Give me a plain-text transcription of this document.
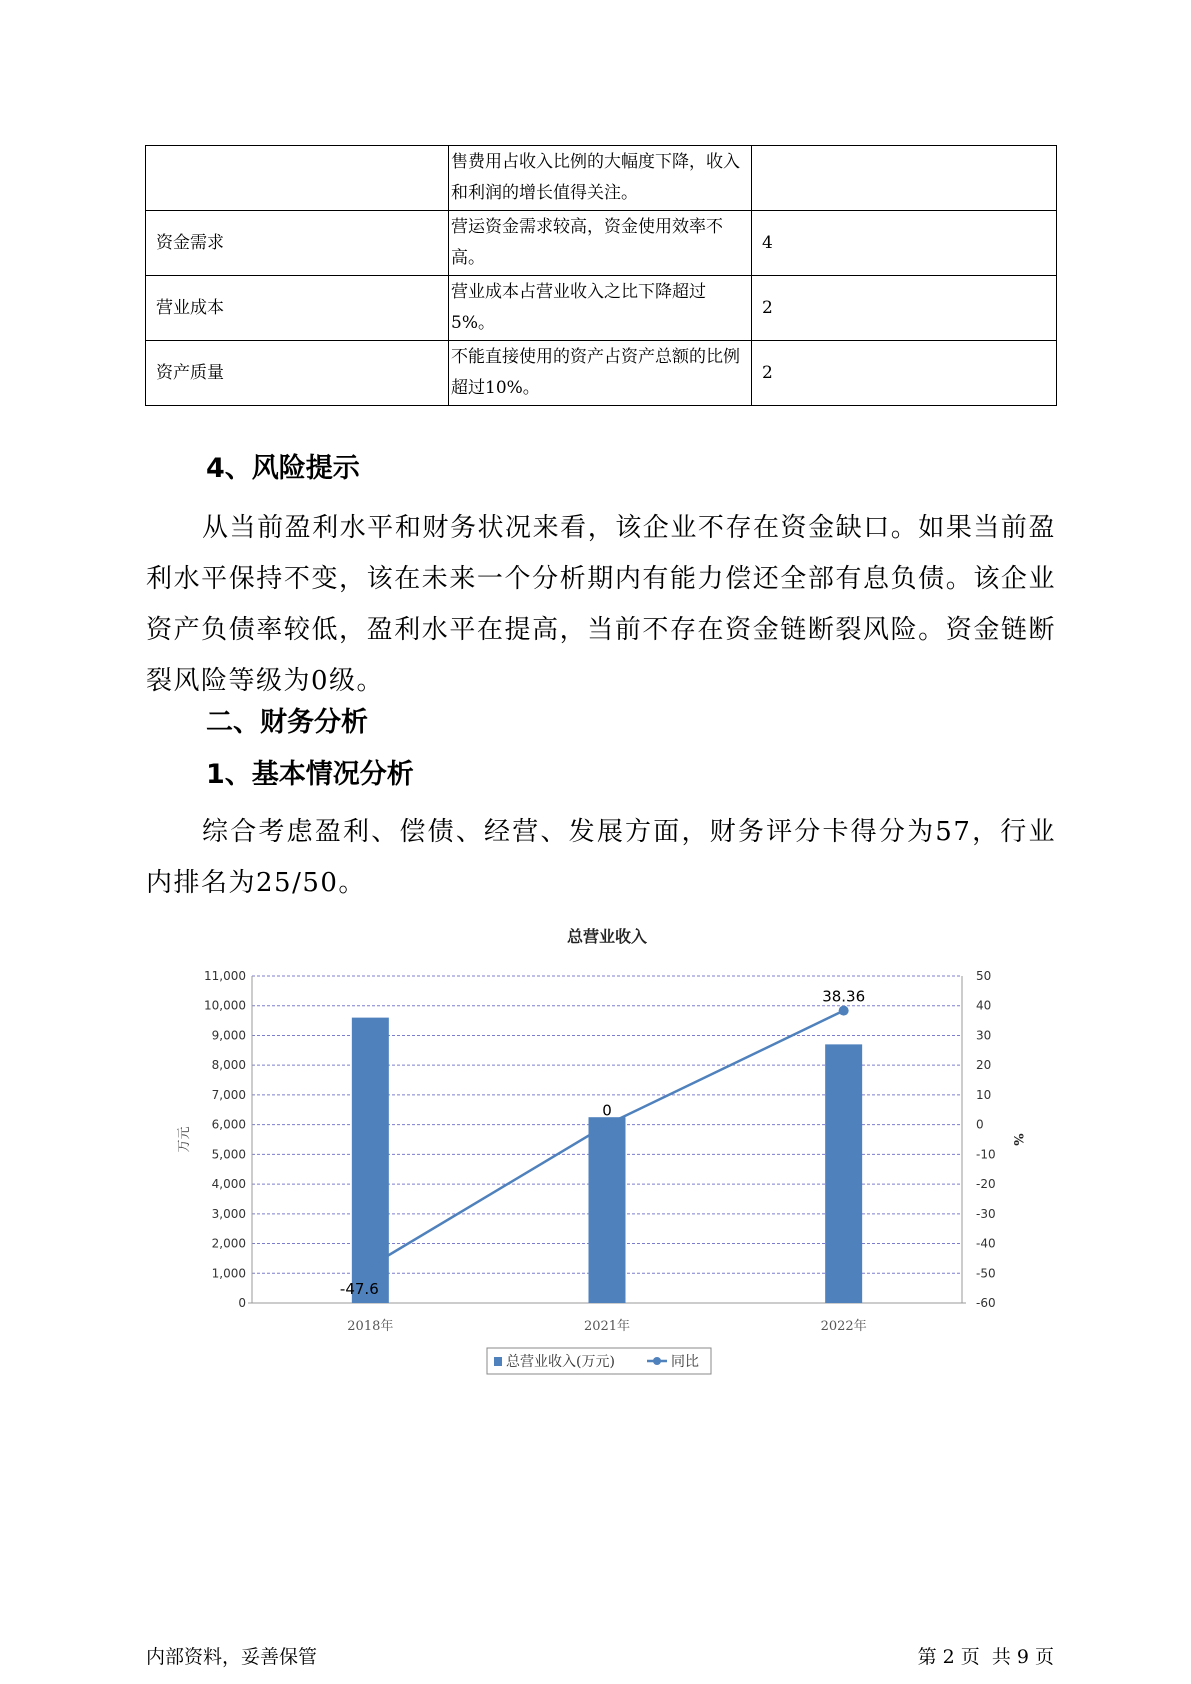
	售费用占收入比例的大幅度下降，收入和利润的增长值得关注。	
资金需求	营运资金需求较高，资金使用效率不高。	4
营业成本	营业成本占营业收入之比下降超过5%。	2
资产质量	不能直接使用的资产占资产总额的比例超过10%。	2
4、风险提示
从当前盈利水平和财务状况来看，该企业不存在资金缺口。如果当前盈利水平保持不变，该在未来一个分析期内有能力偿还全部有息负债。该企业资产负债率较低，盈利水平在提高，当前不存在资金链断裂风险。资金链断裂风险等级为0级。
二、财务分析
1、基本情况分析
综合考虑盈利、偿债、经营、发展方面，财务评分卡得分为57，行业内排名为25/50。
总营业收入
0
1,000
2,000
3,000
4,000
5,000
6,000
7,000
8,000
9,000
10,000
11,000
-60
-50
-40
-30
-20
-10
0
10
20
30
40
50
万元	%
2018年	2021年	2022年
-47.6
0
38.36
总营业收入(万元)	同比
内部资料，妥善保管	第 2 页  共 9 页
